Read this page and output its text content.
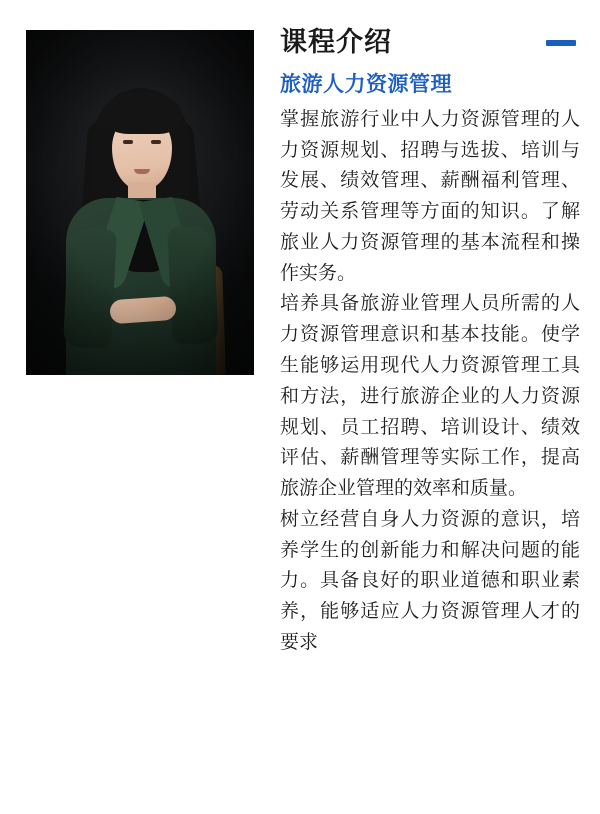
课程介绍
旅游人力资源管理

掌握旅游行业中人力资源管理的人力资源规划、招聘与选拔、培训与发展、绩效管理、薪酬福利管理、劳动关系管理等方面的知识。了解旅业人力资源管理的基本流程和操作实务。

培养具备旅游业管理人员所需的人力资源管理意识和基本技能。使学生能够运用现代人力资源管理工具和方法，进行旅游企业的人力资源规划、员工招聘、培训设计、绩效评估、薪酬管理等实际工作，提高旅游企业管理的效率和质量。

树立经营自身人力资源的意识，培养学生的创新能力和解决问题的能力。具备良好的职业道德和职业素养，能够适应人力资源管理人才的要求
